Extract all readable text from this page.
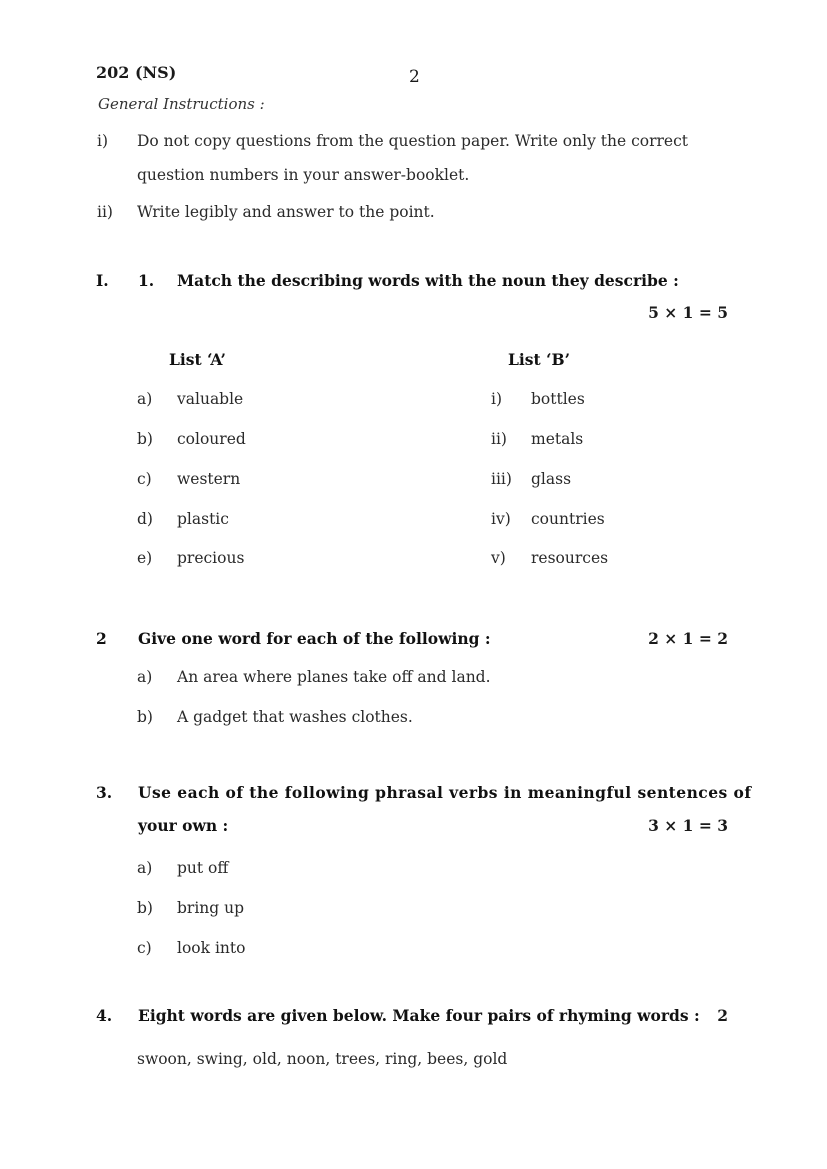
202 (NS)	2
General Instructions :
i) Do not copy questions from the question paper. Write only the correct
question numbers in your answer-booklet.
ii) Write legibly and answer to the point.
I. 1. Match the describing words with the noun they describe :
5 × 1 = 5
List ‘A’	List ‘B’
a) valuable	i) bottles
b) coloured	ii) metals
c) western	iii) glass
d) plastic	iv) countries
e) precious	v) resources
2 Give one word for each of the following :	2 × 1 = 2
a) An area where planes take off and land.
b) A gadget that washes clothes.
3. Use each of the following phrasal verbs in meaningful sentences of
your own :	3 × 1 = 3
a) put off
b) bring up
c) look into
4. Eight words are given below. Make four pairs of rhyming words : 2
swoon, swing, old, noon, trees, ring, bees, gold
